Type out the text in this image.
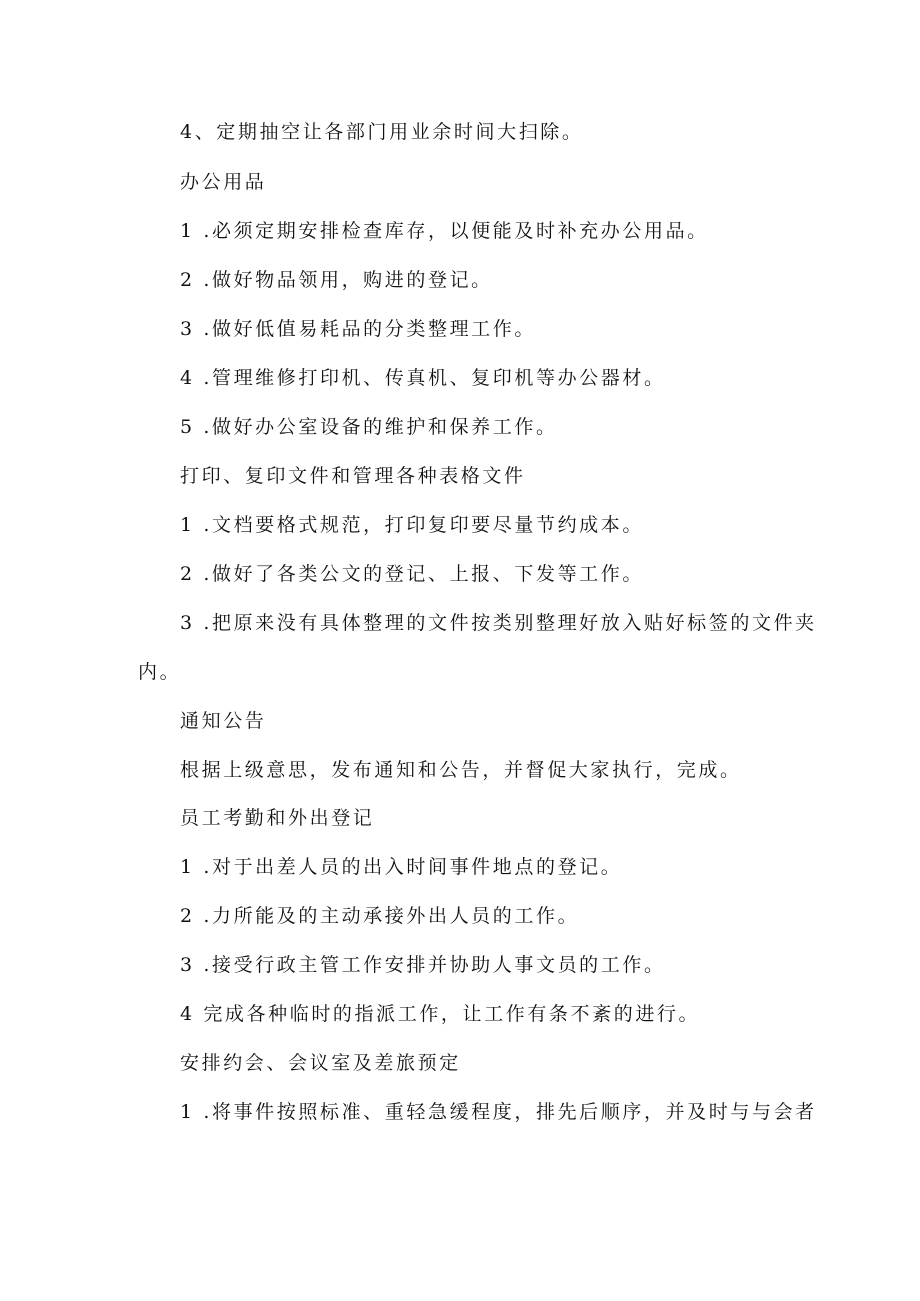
4、定期抽空让各部门用业余时间大扫除。

办公用品

1 .必须定期安排检查库存，以便能及时补充办公用品。

2 .做好物品领用，购进的登记。

3 .做好低值易耗品的分类整理工作。

4 .管理维修打印机、传真机、复印机等办公器材。

5 .做好办公室设备的维护和保养工作。

打印、复印文件和管理各种表格文件

1 .文档要格式规范，打印复印要尽量节约成本。

2 .做好了各类公文的登记、上报、下发等工作。

3 .把原来没有具体整理的文件按类别整理好放入贴好标签的文件夹

内。

通知公告

根据上级意思，发布通知和公告，并督促大家执行，完成。

员工考勤和外出登记

1 .对于出差人员的出入时间事件地点的登记。

2 .力所能及的主动承接外出人员的工作。

3 .接受行政主管工作安排并协助人事文员的工作。

4 完成各种临时的指派工作，让工作有条不紊的进行。

安排约会、会议室及差旅预定

1 .将事件按照标准、重轻急缓程度，排先后顺序，并及时与与会者
